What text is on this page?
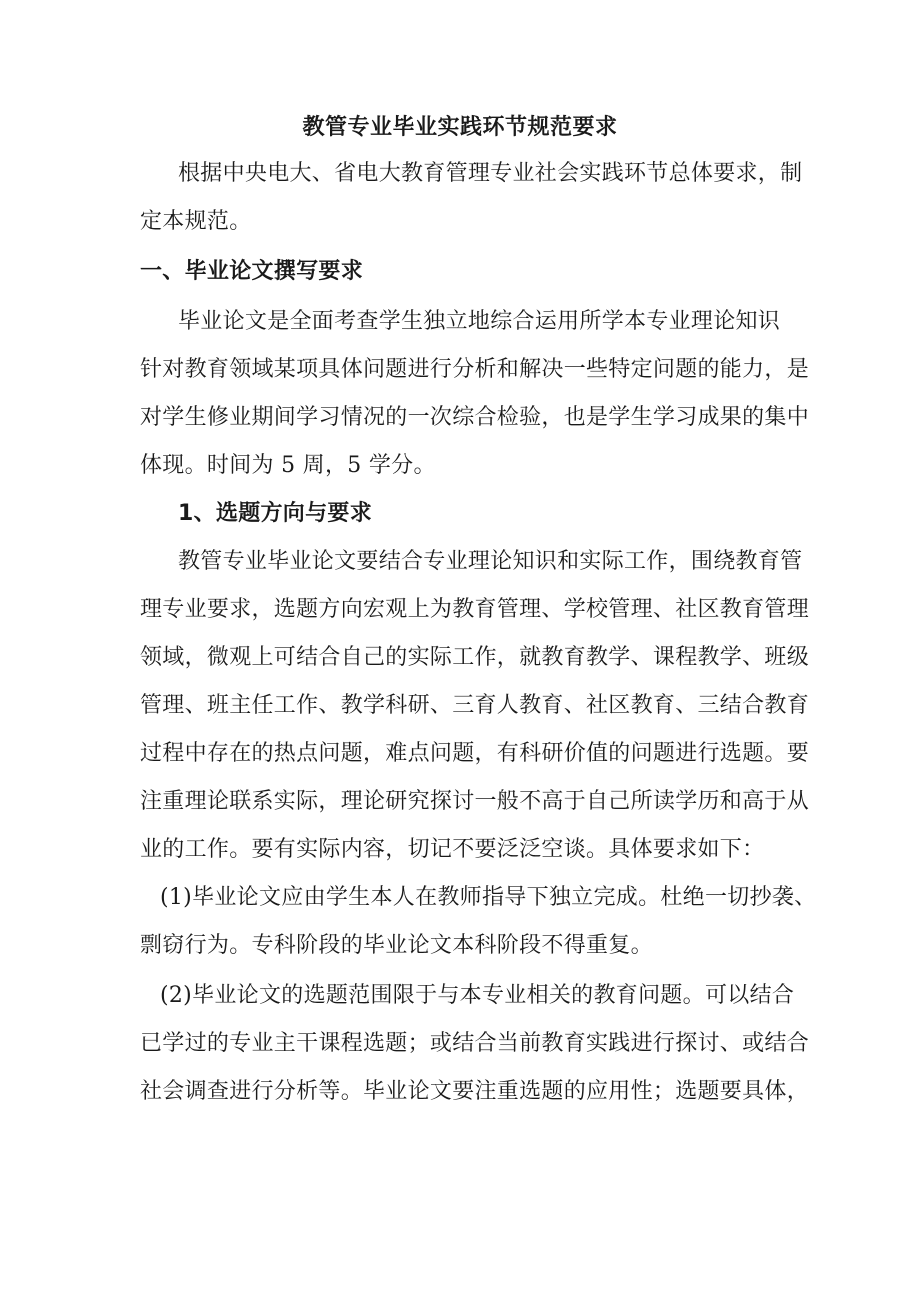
教管专业毕业实践环节规范要求
根据中央电大、省电大教育管理专业社会实践环节总体要求，制
定本规范。
一、毕业论文撰写要求
毕业论文是全面考查学生独立地综合运用所学本专业理论知识
针对教育领域某项具体问题进行分析和解决一些特定问题的能力，是
对学生修业期间学习情况的一次综合检验，也是学生学习成果的集中
体现。时间为 5 周，5 学分。
1、选题方向与要求
教管专业毕业论文要结合专业理论知识和实际工作，围绕教育管
理专业要求，选题方向宏观上为教育管理、学校管理、社区教育管理
领域，微观上可结合自己的实际工作，就教育教学、课程教学、班级
管理、班主任工作、教学科研、三育人教育、社区教育、三结合教育
过程中存在的热点问题，难点问题，有科研价值的问题进行选题。要
注重理论联系实际，理论研究探讨一般不高于自己所读学历和高于从
业的工作。要有实际内容，切记不要泛泛空谈。具体要求如下：
(1)毕业论文应由学生本人在教师指导下独立完成。杜绝一切抄袭、
剽窃行为。专科阶段的毕业论文本科阶段不得重复。
(2)毕业论文的选题范围限于与本专业相关的教育问题。可以结合
已学过的专业主干课程选题；或结合当前教育实践进行探讨、或结合
社会调查进行分析等。毕业论文要注重选题的应用性；选题要具体，
